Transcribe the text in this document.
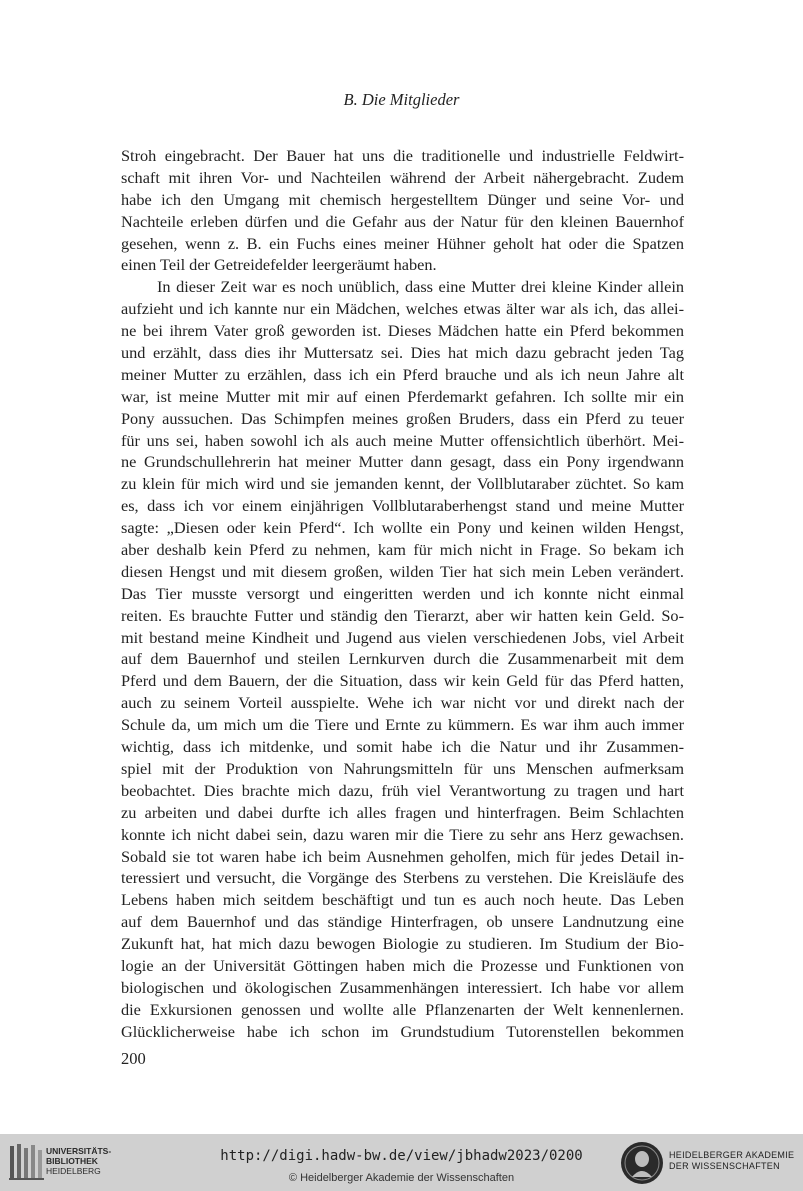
B. Die Mitglieder
Stroh eingebracht. Der Bauer hat uns die traditionelle und industrielle Feldwirt-
schaft mit ihren Vor- und Nachteilen während der Arbeit nähergebracht. Zudem
habe ich den Umgang mit chemisch hergestelltem Dünger und seine Vor- und
Nachteile erleben dürfen und die Gefahr aus der Natur für den kleinen Bauernhof
gesehen, wenn z. B. ein Fuchs eines meiner Hühner geholt hat oder die Spatzen
einen Teil der Getreidefelder leergeräumt haben.
In dieser Zeit war es noch unüblich, dass eine Mutter drei kleine Kinder allein
aufzieht und ich kannte nur ein Mädchen, welches etwas älter war als ich, das allei-
ne bei ihrem Vater groß geworden ist. Dieses Mädchen hatte ein Pferd bekommen
und erzählt, dass dies ihr Muttersatz sei. Dies hat mich dazu gebracht jeden Tag
meiner Mutter zu erzählen, dass ich ein Pferd brauche und als ich neun Jahre alt
war, ist meine Mutter mit mir auf einen Pferdemarkt gefahren. Ich sollte mir ein
Pony aussuchen. Das Schimpfen meines großen Bruders, dass ein Pferd zu teuer
für uns sei, haben sowohl ich als auch meine Mutter offensichtlich überhört. Mei-
ne Grundschullehrerin hat meiner Mutter dann gesagt, dass ein Pony irgendwann
zu klein für mich wird und sie jemanden kennt, der Vollblutaraber züchtet. So kam
es, dass ich vor einem einjährigen Vollblutaraberhengst stand und meine Mutter
sagte: „Diesen oder kein Pferd“. Ich wollte ein Pony und keinen wilden Hengst,
aber deshalb kein Pferd zu nehmen, kam für mich nicht in Frage. So bekam ich
diesen Hengst und mit diesem großen, wilden Tier hat sich mein Leben verändert.
Das Tier musste versorgt und eingeritten werden und ich konnte nicht einmal
reiten. Es brauchte Futter und ständig den Tierarzt, aber wir hatten kein Geld. So-
mit bestand meine Kindheit und Jugend aus vielen verschiedenen Jobs, viel Arbeit
auf dem Bauernhof und steilen Lernkurven durch die Zusammenarbeit mit dem
Pferd und dem Bauern, der die Situation, dass wir kein Geld für das Pferd hatten,
auch zu seinem Vorteil ausspielte. Wehe ich war nicht vor und direkt nach der
Schule da, um mich um die Tiere und Ernte zu kümmern. Es war ihm auch immer
wichtig, dass ich mitdenke, und somit habe ich die Natur und ihr Zusammen-
spiel mit der Produktion von Nahrungsmitteln für uns Menschen aufmerksam
beobachtet. Dies brachte mich dazu, früh viel Verantwortung zu tragen und hart
zu arbeiten und dabei durfte ich alles fragen und hinterfragen. Beim Schlachten
konnte ich nicht dabei sein, dazu waren mir die Tiere zu sehr ans Herz gewachsen.
Sobald sie tot waren habe ich beim Ausnehmen geholfen, mich für jedes Detail in-
teressiert und versucht, die Vorgänge des Sterbens zu verstehen. Die Kreisläufe des
Lebens haben mich seitdem beschäftigt und tun es auch noch heute. Das Leben
auf dem Bauernhof und das ständige Hinterfragen, ob unsere Landnutzung eine
Zukunft hat, hat mich dazu bewogen Biologie zu studieren. Im Studium der Bio-
logie an der Universität Göttingen haben mich die Prozesse und Funktionen von
biologischen und ökologischen Zusammenhängen interessiert. Ich habe vor allem
die Exkursionen genossen und wollte alle Pflanzenarten der Welt kennenlernen.
Glücklicherweise habe ich schon im Grundstudium Tutorenstellen bekommen
200
UNIVERSITÄTS-
BIBLIOTHEK
HEIDELBERG
http://digi.hadw-bw.de/view/jbhadw2023/0200
© Heidelberger Akademie der Wissenschaften
HEIDELBERGER AKADEMIE
DER WISSENSCHAFTEN
